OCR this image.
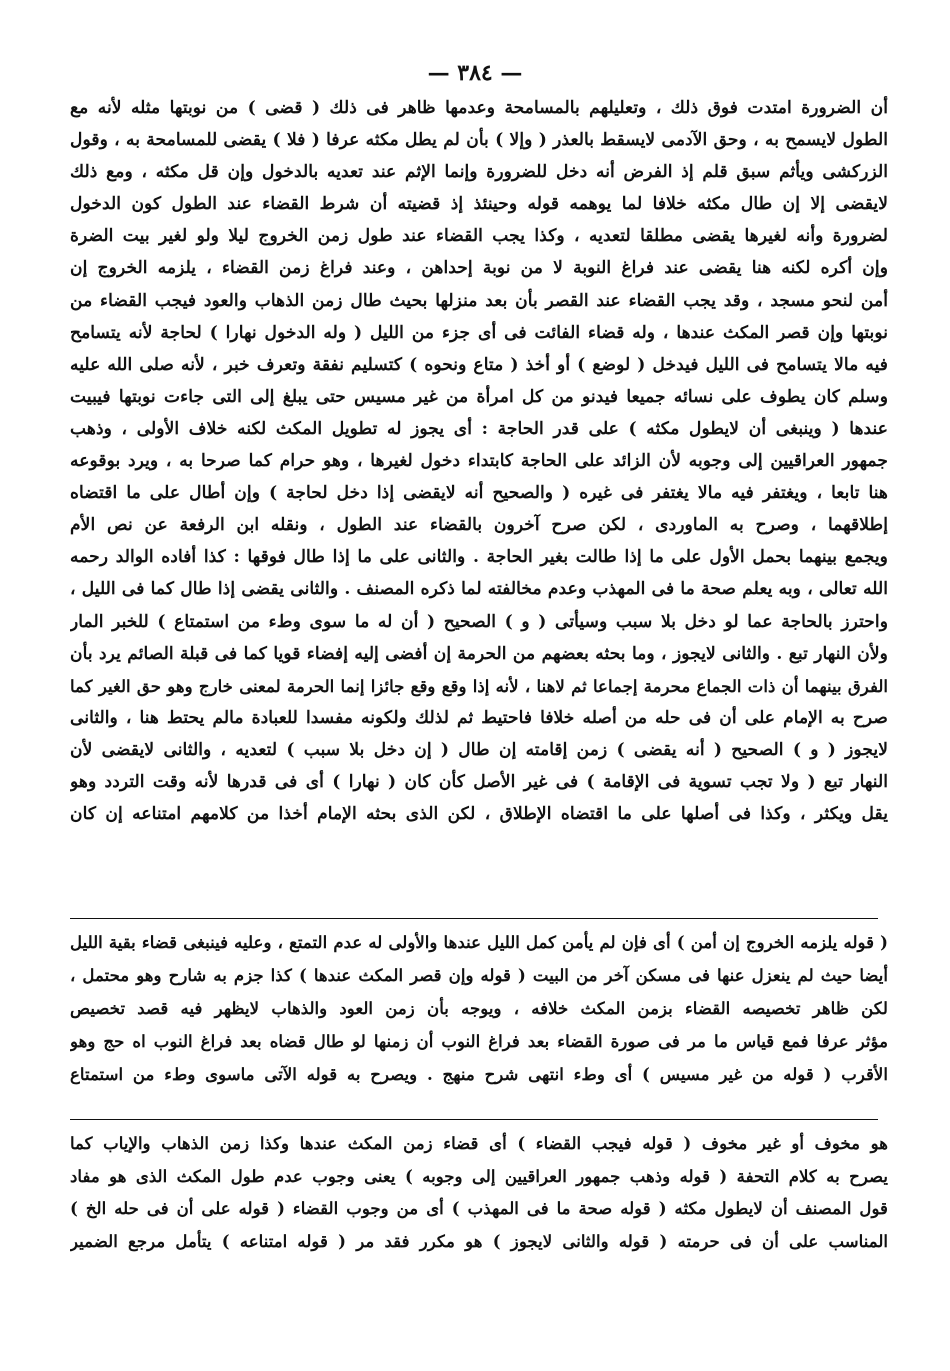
— ٣٨٤ —
أن الضرورة امتدت فوق ذلك ، وتعليلهم بالمسامحة وعدمها ظاهر فى ذلك ( قضى ) من نوبتها مثله لأنه مع
الطول لايسمح به ، وحق الآدمى لايسقط بالعذر ( وإلا ) بأن لم يطل مكثه عرفا ( فلا ) يقضى للمسامحة به ، وقول
الزركشى ويأثم سبق قلم إذ الفرض أنه دخل للضرورة وإنما الإثم عند تعديه بالدخول وإن قل مكثه ، ومع ذلك
لايقضى إلا إن طال مكثه خلافا لما يوهمه قوله وحينئذ إذ قضيته أن شرط القضاء عند الطول كون الدخول
لضرورة وأنه لغيرها يقضى مطلقا لتعديه ، وكذا يجب القضاء عند طول زمن الخروج ليلا ولو لغير بيت الضرة
وإن أكره لكنه هنا يقضى عند فراغ النوبة لا من نوبة إحداهن ، وعند فراغ زمن القضاء ، يلزمه الخروج إن
أمن لنحو مسجد ، وقد يجب القضاء عند القصر بأن بعد منزلها بحيث طال زمن الذهاب والعود فيجب القضاء من
نوبتها وإن قصر المكث عندها ، وله قضاء الفائت فى أى جزء من الليل ( وله الدخول نهارا ) لحاجة لأنه يتسامح
فيه مالا يتسامح فى الليل فيدخل ( لوضع ) أو أخذ ( متاع ونحوه ) كتسليم نفقة وتعرف خبر ، لأنه صلى الله عليه
وسلم كان يطوف على نسائه جميعا فيدنو من كل امرأة من غير مسيس حتى يبلغ إلى التى جاءت نوبتها فيبيت
عندها ( وينبغى أن لايطول مكثه ) على قدر الحاجة : أى يجوز له تطويل المكث لكنه خلاف الأولى ، وذهب
جمهور العراقيين إلى وجوبه لأن الزائد على الحاجة كابتداء دخول لغيرها ، وهو حرام كما صرحا به ، ويرد بوقوعه
هنا تابعا ، ويغتفر فيه مالا يغتفر فى غيره ( والصحيح أنه لايقضى إذا دخل لحاجة ) وإن أطال على ما اقتضاه
إطلاقهما ، وصرح به الماوردى ، لكن صرح آخرون بالقضاء عند الطول ، ونقله ابن الرفعة عن نص الأم
ويجمع بينهما بحمل الأول على ما إذا طالت بغير الحاجة . والثانى على ما إذا طال فوقها : كذا أفاده الوالد رحمه
الله تعالى ، وبه يعلم صحة ما فى المهذب وعدم مخالفته لما ذكره المصنف . والثانى يقضى إذا طال كما فى الليل ،
واحترز بالحاجة عما لو دخل بلا سبب وسيأتى ( و ) الصحيح ( أن له ما سوى وطء من استمتاع ) للخبر المار
ولأن النهار تبع . والثانى لايجوز ، وما بحثه بعضهم من الحرمة إن أفضى إليه إفضاء قويا كما فى قبلة الصائم يرد بأن
الفرق بينهما أن ذات الجماع محرمة إجماعا ثم لاهنا ، لأنه إذا وقع وقع جائزا إنما الحرمة لمعنى خارج وهو حق الغير كما
صرح به الإمام على أن فى حله من أصله خلافا فاحتيط ثم لذلك ولكونه مفسدا للعبادة مالم يحتط هنا ، والثانى
لايجوز ( و ) الصحيح ( أنه يقضى ) زمن إقامته إن طال ( إن دخل بلا سبب ) لتعديه ، والثانى لايقضى لأن
النهار تبع ( ولا تجب تسوية فى الإقامة ) فى غير الأصل كأن كان ( نهارا ) أى فى قدرها لأنه وقت التردد وهو
يقل ويكثر ، وكذا فى أصلها على ما اقتضاه الإطلاق ، لكن الذى بحثه الإمام أخذا من كلامهم امتناعه إن كان
( قوله يلزمه الخروج إن أمن ) أى فإن لم يأمن كمل الليل عندها والأولى له عدم التمتع ، وعليه فينبغى قضاء بقية الليل
أيضا حيث لم ينعزل عنها فى مسكن آخر من البيت ( قوله وإن قصر المكث عندها ) كذا جزم به شارح وهو محتمل ،
لكن ظاهر تخصيصه القضاء بزمن المكث خلافه ، ويوجه بأن زمن العود والذهاب لايظهر فيه قصد تخصيص
مؤثر عرفا فمع قياس ما مر فى صورة القضاء بعد فراغ النوب أن زمنها لو طال قضاه بعد فراغ النوب اه حج وهو
الأقرب ( قوله من غير مسيس ) أى وطء انتهى شرح منهج . ويصرح به قوله الآتى ماسوى وطء من استمتاع
هو مخوف أو غير مخوف ( قوله فيجب القضاء ) أى قضاء زمن المكث عندها وكذا زمن الذهاب والإياب كما
يصرح به كلام التحفة ( قوله وذهب جمهور العراقيين إلى وجوبه ) يعنى وجوب عدم طول المكث الذى هو مفاد
قول المصنف أن لايطول مكثه ( قوله صحة ما فى المهذب ) أى من وجوب القضاء ( قوله على أن فى حله الخ )
المناسب على أن فى حرمته ( قوله والثانى لايجوز ) هو مكرر فقد مر ( قوله امتناعه ) يتأمل مرجع الضمير
